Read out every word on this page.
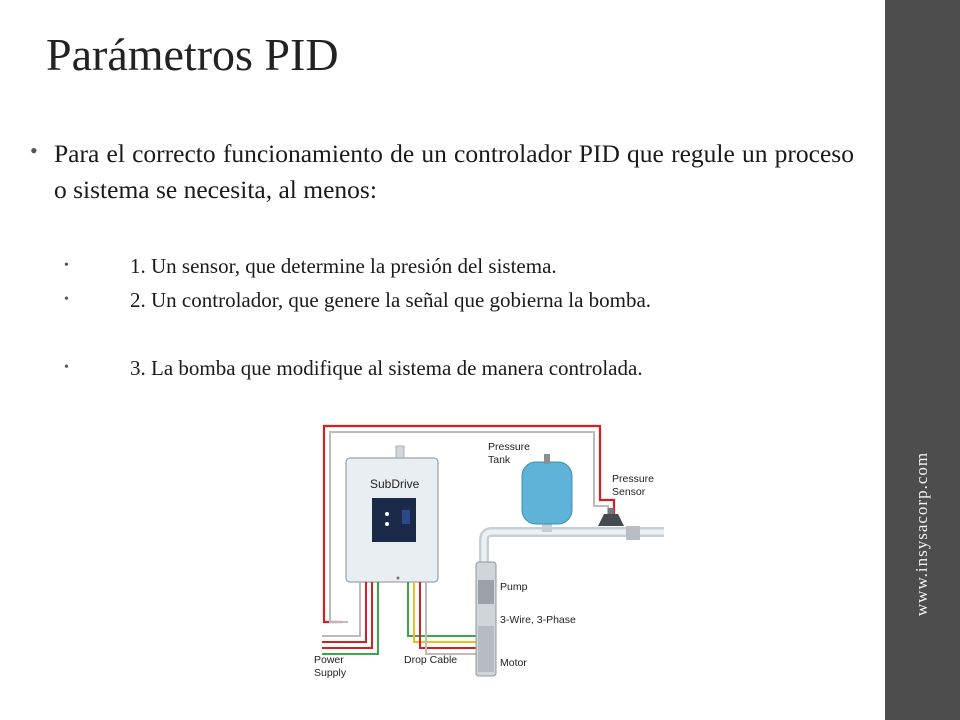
Parámetros PID
• Para el correcto funcionamiento de un controlador PID que regule un proceso o sistema se necesita, al menos:
•	1. Un sensor, que determine la presión del sistema.
•	2. Un controlador, que genere la señal que gobierna la bomba.
•	3. La bomba que modifique al sistema de manera controlada.
SubDrive
Pressure
Tank
Pressure
Sensor
Pump
3-Wire, 3-Phase
Motor
Power
Supply
Drop Cable
www.insysacorp.com
